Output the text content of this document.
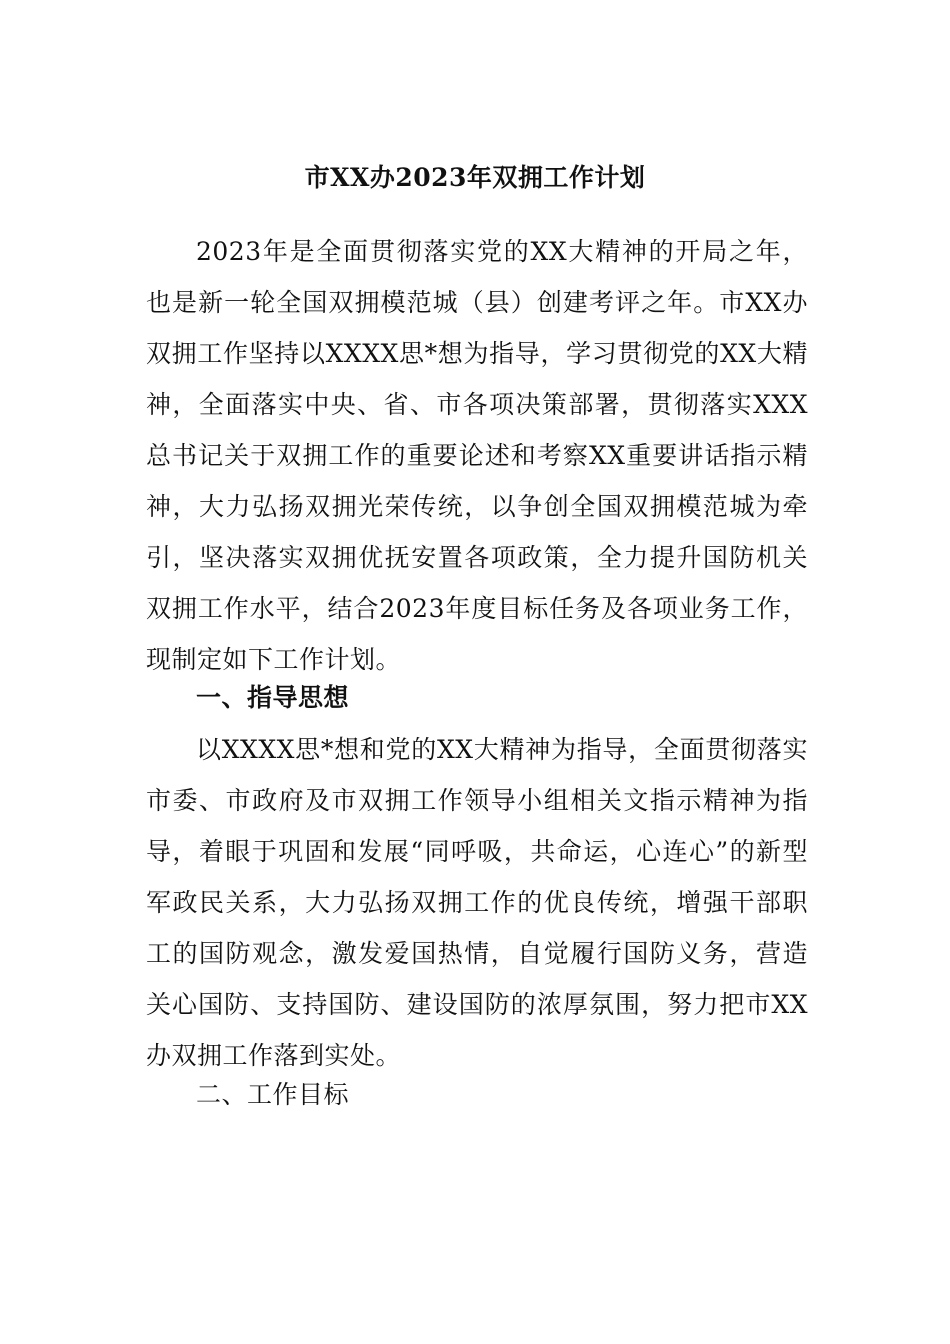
市XX办2023年双拥工作计划
2023年是全面贯彻落实党的XX大精神的开局之年，也是新一轮全国双拥模范城（县）创建考评之年。市XX办双拥工作坚持以XXXX思*想为指导，学习贯彻党的XX大精神，全面落实中央、省、市各项决策部署，贯彻落实XXX总书记关于双拥工作的重要论述和考察XX重要讲话指示精神，大力弘扬双拥光荣传统，以争创全国双拥模范城为牵引，坚决落实双拥优抚安置各项政策，全力提升国防机关双拥工作水平，结合2023年度目标任务及各项业务工作，现制定如下工作计划。
一、指导思想
以XXXX思*想和党的XX大精神为指导，全面贯彻落实市委、市政府及市双拥工作领导小组相关文指示精神为指导，着眼于巩固和发展“同呼吸，共命运，心连心”的新型军政民关系，大力弘扬双拥工作的优良传统，增强干部职工的国防观念，激发爱国热情，自觉履行国防义务，营造关心国防、支持国防、建设国防的浓厚氛围，努力把市XX办双拥工作落到实处。
二、工作目标
